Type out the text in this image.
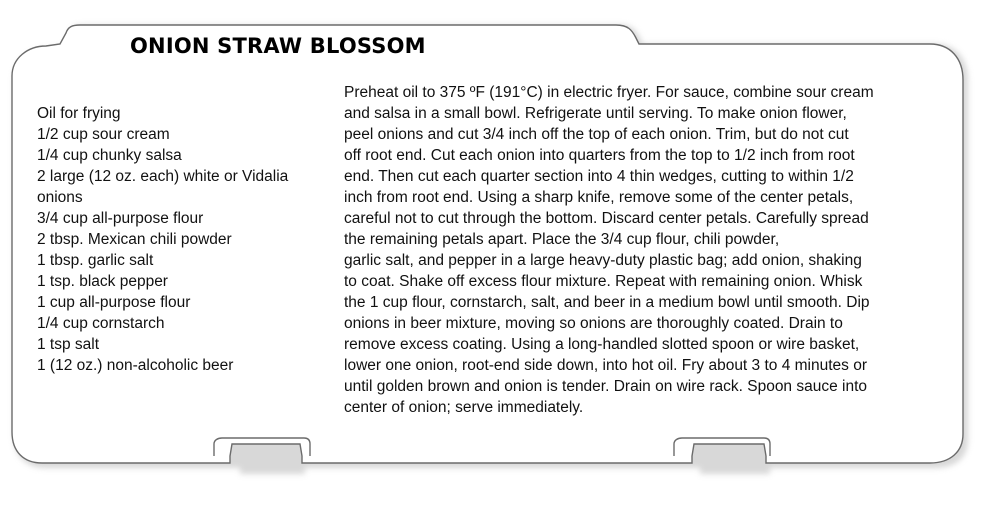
ONION STRAW BLOSSOM
Oil for frying
1/2 cup sour cream
1/4 cup chunky salsa
2 large (12 oz. each) white or Vidalia
onions
3/4 cup all-purpose flour
2 tbsp. Mexican chili powder
1 tbsp. garlic salt
1 tsp. black pepper
1 cup all-purpose flour
1/4 cup cornstarch
1 tsp salt
1 (12 oz.) non-alcoholic beer
Preheat oil to 375 ºF (191°C) in electric fryer. For sauce, combine sour cream
and salsa in a small bowl. Refrigerate until serving. To make onion flower,
peel onions and cut 3/4 inch off the top of each onion. Trim, but do not cut
off root end. Cut each onion into quarters from the top to 1/2 inch from root
end. Then cut each quarter section into 4 thin wedges, cutting to within 1/2
inch from root end. Using a sharp knife, remove some of the center petals,
careful not to cut through the bottom. Discard center petals. Carefully spread
the remaining petals apart. Place the 3/4 cup flour, chili powder,
garlic salt, and pepper in a large heavy-duty plastic bag; add onion, shaking
to coat. Shake off excess flour mixture. Repeat with remaining onion. Whisk
the 1 cup flour, cornstarch, salt, and beer in a medium bowl until smooth. Dip
onions in beer mixture, moving so onions are thoroughly coated. Drain to
remove excess coating. Using a long-handled slotted spoon or wire basket,
lower one onion, root-end side down, into hot oil. Fry about 3 to 4 minutes or
until golden brown and onion is tender. Drain on wire rack. Spoon sauce into
center of onion; serve immediately.
